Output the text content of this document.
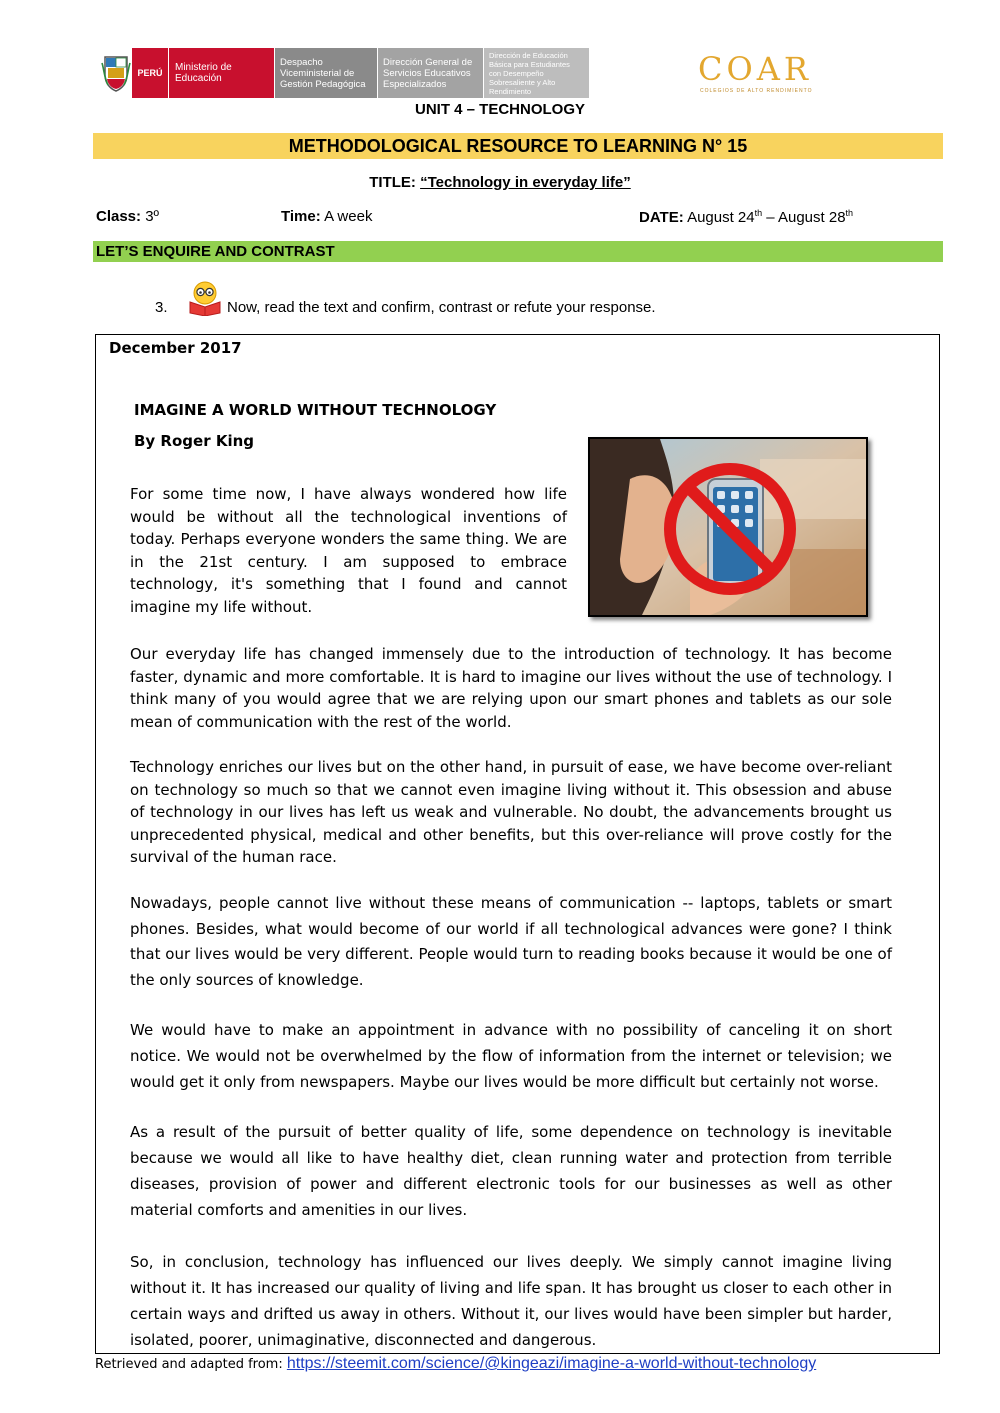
PERÚ	Ministerio de Educación
Despacho Viceministerial de Gestión Pedagógica
Dirección General de Servicios Educativos Especializados
Dirección de Educación Básica para Estudiantes con Desempeño Sobresaliente y Alto Rendimiento
COAR
COLEGIOS DE ALTO RENDIMIENTO
UNIT 4 – TECHNOLOGY
METHODOLOGICAL RESOURCE TO LEARNING N° 15
TITLE: “Technology in everyday life”
Class: 3º	Time: A week	DATE: August 24th – August 28th
LET’S ENQUIRE AND CONTRAST
3.	Now, read the text and confirm, contrast or refute your response.
December 2017
IMAGINE A WORLD WITHOUT TECHNOLOGY
By Roger King

For some time now, I have always wondered how life would be without all the technological inventions of today. Perhaps everyone wonders the same thing. We are in the 21st century. I am supposed to embrace technology, it's something that I found and cannot imagine my life without.

Our everyday life has changed immensely due to the introduction of technology. It has become faster, dynamic and more comfortable. It is hard to imagine our lives without the use of technology. I think many of you would agree that we are relying upon our smart phones and tablets as our sole mean of communication with the rest of the world.

Technology enriches our lives but on the other hand, in pursuit of ease, we have become over-reliant on technology so much so that we cannot even imagine living without it. This obsession and abuse of technology in our lives has left us weak and vulnerable. No doubt, the advancements brought us unprecedented physical, medical and other benefits, but this over-reliance will prove costly for the survival of the human race.

Nowadays, people cannot live without these means of communication -- laptops, tablets or smart phones. Besides, what would become of our world if all technological advances were gone? I think that our lives would be very different. People would turn to reading books because it would be one of the only sources of knowledge.

We would have to make an appointment in advance with no possibility of canceling it on short notice. We would not be overwhelmed by the flow of information from the internet or television; we would get it only from newspapers. Maybe our lives would be more difficult but certainly not worse.

As a result of the pursuit of better quality of life, some dependence on technology is inevitable because we would all like to have healthy diet, clean running water and protection from terrible diseases, provision of power and different electronic tools for our businesses as well as other material comforts and amenities in our lives.

So, in conclusion, technology has influenced our lives deeply. We simply cannot imagine living without it. It has increased our quality of living and life span. It has brought us closer to each other in certain ways and drifted us away in others. Without it, our lives would have been simpler but harder, isolated, poorer, unimaginative, disconnected and dangerous.

Retrieved and adapted from: https://steemit.com/science/@kingeazi/imagine-a-world-without-technology
